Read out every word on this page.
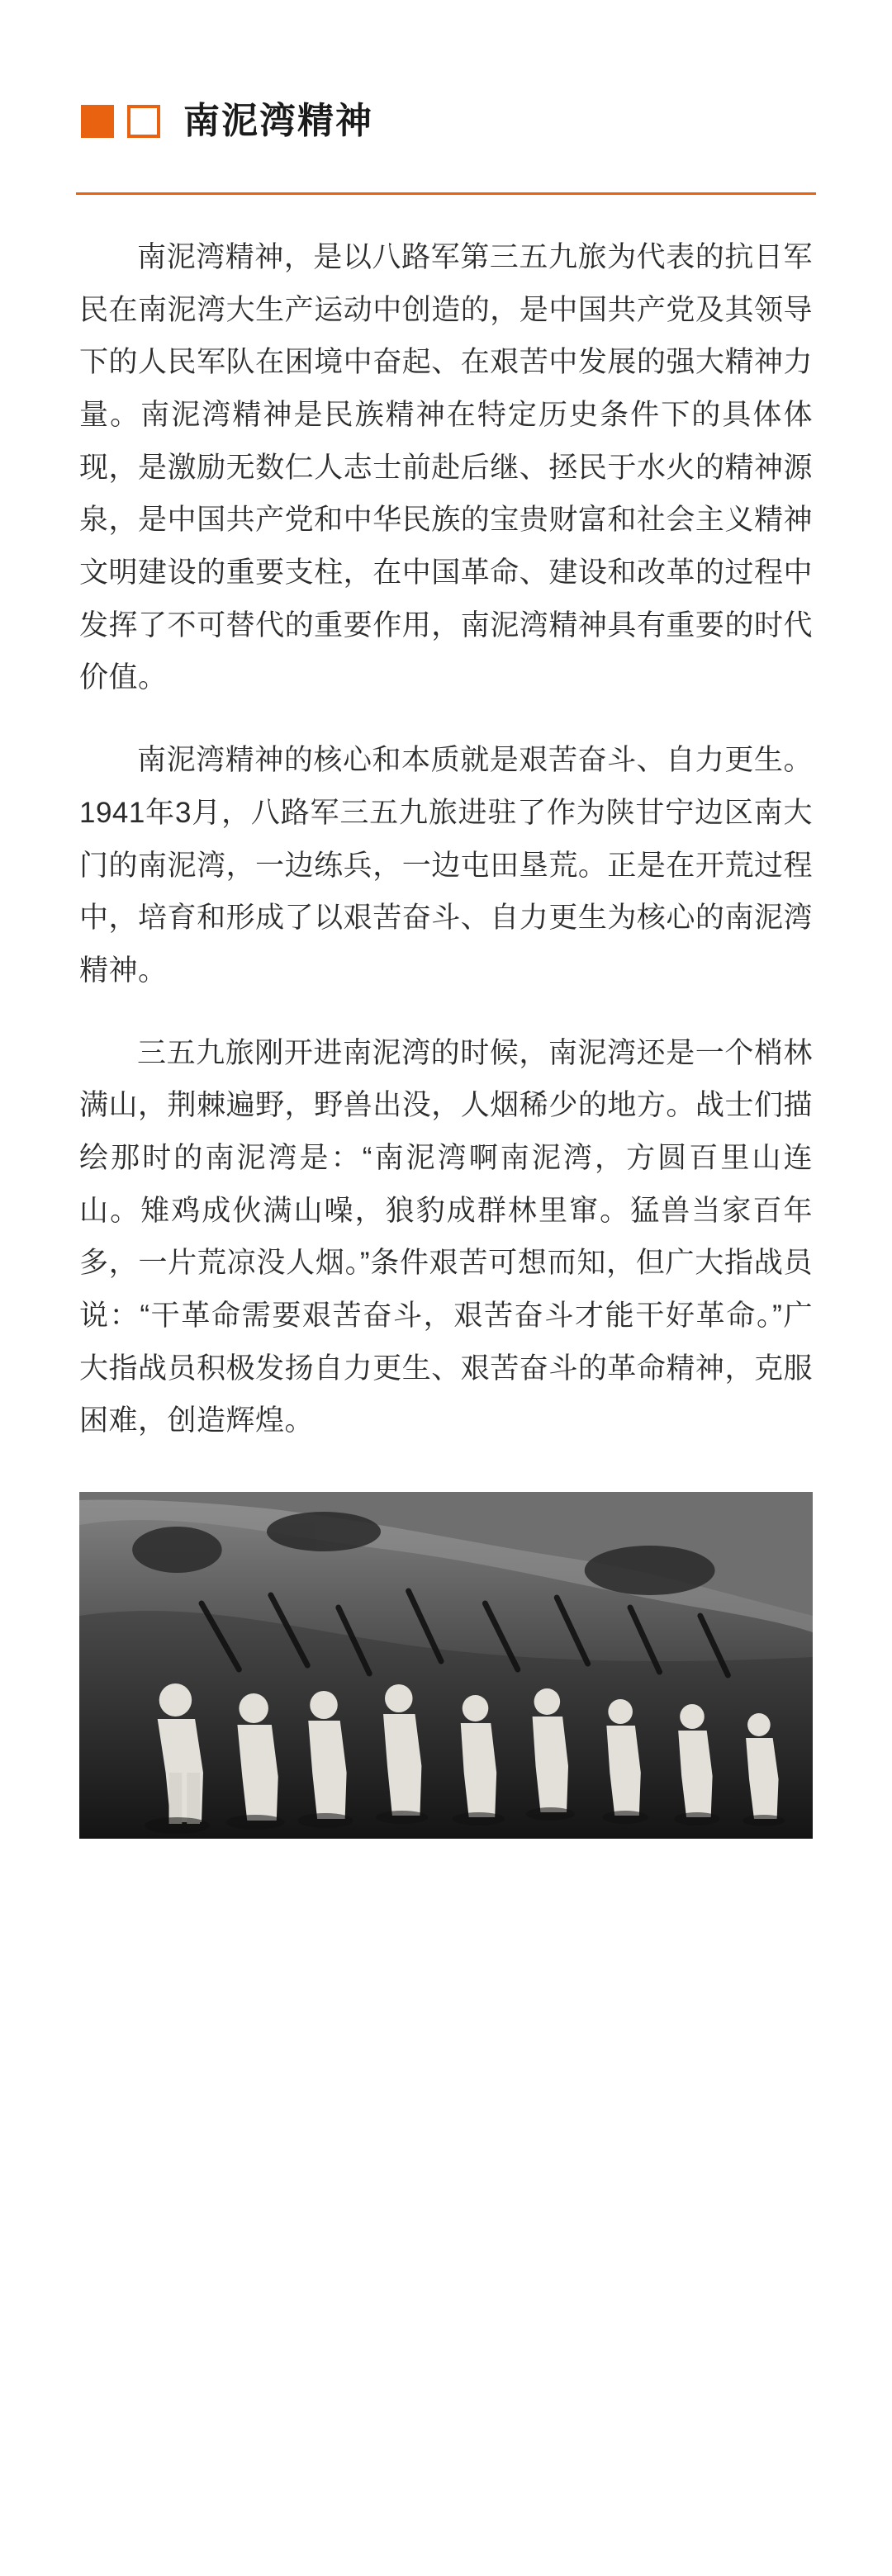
南泥湾精神

南泥湾精神，是以八路军第三五九旅为代表的抗日军民在南泥湾大生产运动中创造的，是中国共产党及其领导下的人民军队在困境中奋起、在艰苦中发展的强大精神力量。南泥湾精神是民族精神在特定历史条件下的具体体现，是激励无数仁人志士前赴后继、拯民于水火的精神源泉，是中国共产党和中华民族的宝贵财富和社会主义精神文明建设的重要支柱，在中国革命、建设和改革的过程中发挥了不可替代的重要作用，南泥湾精神具有重要的时代价值。

南泥湾精神的核心和本质就是艰苦奋斗、自力更生。1941年3月，八路军三五九旅进驻了作为陕甘宁边区南大门的南泥湾，一边练兵，一边屯田垦荒。正是在开荒过程中，培育和形成了以艰苦奋斗、自力更生为核心的南泥湾精神。

三五九旅刚开进南泥湾的时候，南泥湾还是一个梢林满山，荆棘遍野，野兽出没，人烟稀少的地方。战士们描绘那时的南泥湾是：“南泥湾啊南泥湾，方圆百里山连山。雉鸡成伙满山噪，狼豹成群林里窜。猛兽当家百年多，一片荒凉没人烟。”条件艰苦可想而知，但广大指战员说：“干革命需要艰苦奋斗，艰苦奋斗才能干好革命。”广大指战员积极发扬自力更生、艰苦奋斗的革命精神，克服困难，创造辉煌。
